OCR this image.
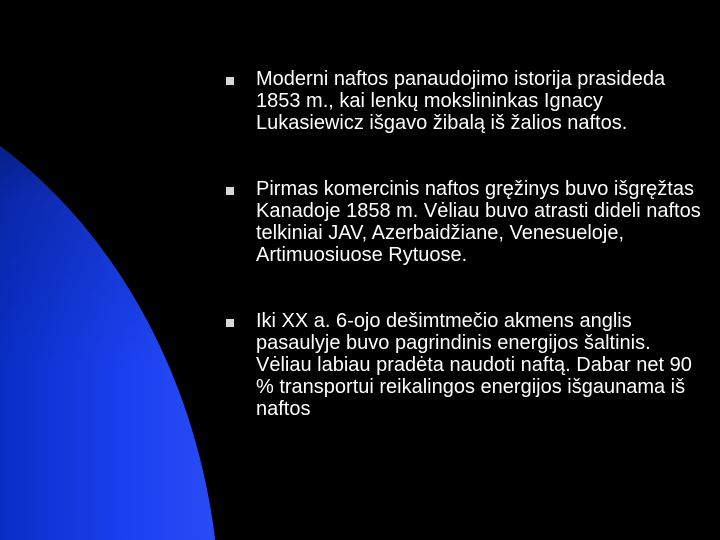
Moderni naftos panaudojimo istorija prasideda 1853 m., kai lenkų mokslininkas Ignacy Lukasiewicz išgavo žibalą iš žalios naftos.
Pirmas komercinis naftos gręžinys buvo išgręžtas Kanadoje 1858 m. Vėliau buvo atrasti dideli naftos telkiniai JAV, Azerbaidžiane, Venesueloje, Artimuosiuose Rytuose.
Iki XX a. 6-ojo dešimtmečio akmens anglis pasaulyje buvo pagrindinis energijos šaltinis. Vėliau labiau pradėta naudoti naftą. Dabar net 90 % transportui reikalingos energijos išgaunama iš naftos
